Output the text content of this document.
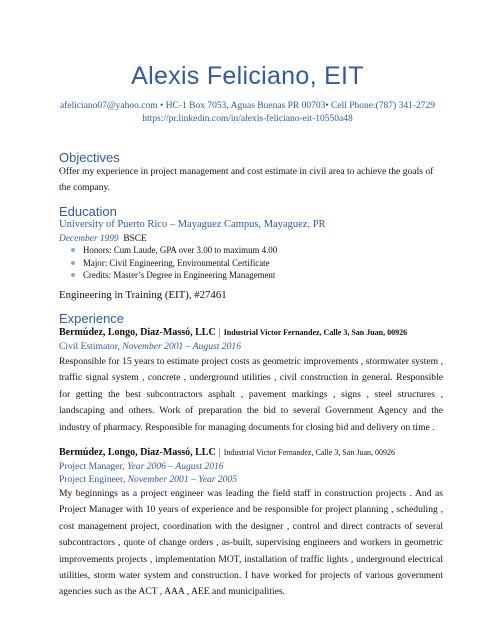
Alexis Feliciano, EIT
afeliciano07@yahoo.com • HC-1 Box 7053, Aguas Buenas PR 00703• Cell Phone:(787) 341-2729
https://pr.linkedin.com/in/alexis-feliciano-eit-10550a48
Objectives
Offer my experience in project management and cost estimate in civil area to achieve the goals of the company.
Education
University of Puerto Rico – Mayaguez Campus, Mayaguez, PR
December 1999 BSCE
Honors: Cum Laude, GPA over 3.00 to maximum 4.00
Major: Civil Engineering, Environmental Certificate
Credits: Master’s Degree in Engineering Management
Engineering in Training (EIT), #27461
Experience
Bermúdez, Longo, Diaz-Massó, LLC | Industrial Victor Fernandez, Calle 3, San Juan, 00926
Civil Estimator, November 2001 – August 2016
Responsible for 15 years to estimate project costs as geometric improvements , stormwater system , traffic signal system , concrete , underground utilities , civil construction in general. Responsible for getting the best subcontractors asphalt , pavement markings , signs , steel structures , landscaping and others. Work of preparation the bid to several Government Agency and the industry of pharmacy. Responsible for managing documents for closing bid and delivery on time .
Bermúdez, Longo, Diaz-Massó, LLC | Industrial Victor Fernandez, Calle 3, San Juan, 00926
Project Manager, Year 2006 – August 2016
Project Engineer, November 2001 – Year 2005
My beginnings as a project engineer was leading the field staff in construction projects . And as Project Manager with 10 years of experience and be responsible for project planning , scheduling , cost management project, coordination with the designer , control and direct contracts of several subcontractors , quote of change orders , as-built, supervising engineers and workers in geometric improvements projects , implementation MOT, installation of traffic lights , underground electrical utilities, storm water system and construction. I have worked for projects of various government agencies such as the ACT , AAA , AEE and municipalities.
